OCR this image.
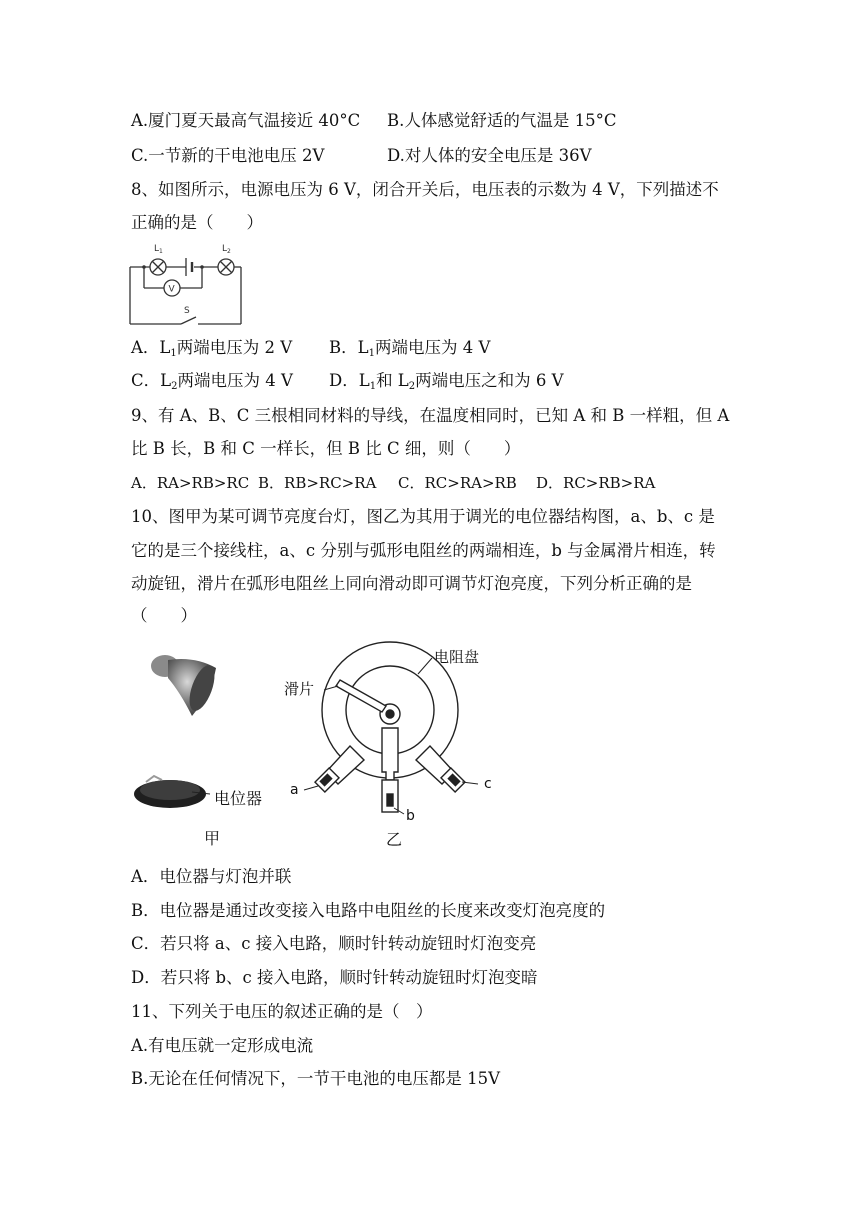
A.厦门夏天最高气温接近 40°C B.人体感觉舒适的气温是 15°C
C.一节新的干电池电压 2V	D.对人体的安全电压是 36V
8、如图所示，电源电压为 6 V，闭合开关后，电压表的示数为 4 V，下列描述不
正确的是（　　）
$L_1$	$L_2$
V
S
A．$L_1$两端电压为 2 V B．$L_1$两端电压为 4 V
C．$L_2$两端电压为 4 V D．$L_1$和 $L_2$两端电压之和为 6 V
9、有 A、B、C 三根相同材料的导线，在温度相同时，已知 A 和 B 一样粗，但 A
比 B 长，B 和 C 一样长，但 B 比 C 细，则（　　）
A．RA>RB>RC B．RB>RC>RA C．RC>RA>RB D．RC>RB>RA
10、图甲为某可调节亮度台灯，图乙为其用于调光的电位器结构图，a、b、c 是
它的是三个接线柱，a、c 分别与弧形电阻丝的两端相连，b 与金属滑片相连，转
动旋钮，滑片在弧形电阻丝上同向滑动即可调节灯泡亮度，下列分析正确的是
（　　）
电位器
甲
电阻盘
滑片
a	c
b
乙
A．电位器与灯泡并联
B．电位器是通过改变接入电路中电阻丝的长度来改变灯泡亮度的
C．若只将 a、c 接入电路，顺时针转动旋钮时灯泡变亮
D．若只将 b、c 接入电路，顺时针转动旋钮时灯泡变暗
11、下列关于电压的叙述正确的是（　）
A.有电压就一定形成电流
B.无论在任何情况下，一节干电池的电压都是 15V
